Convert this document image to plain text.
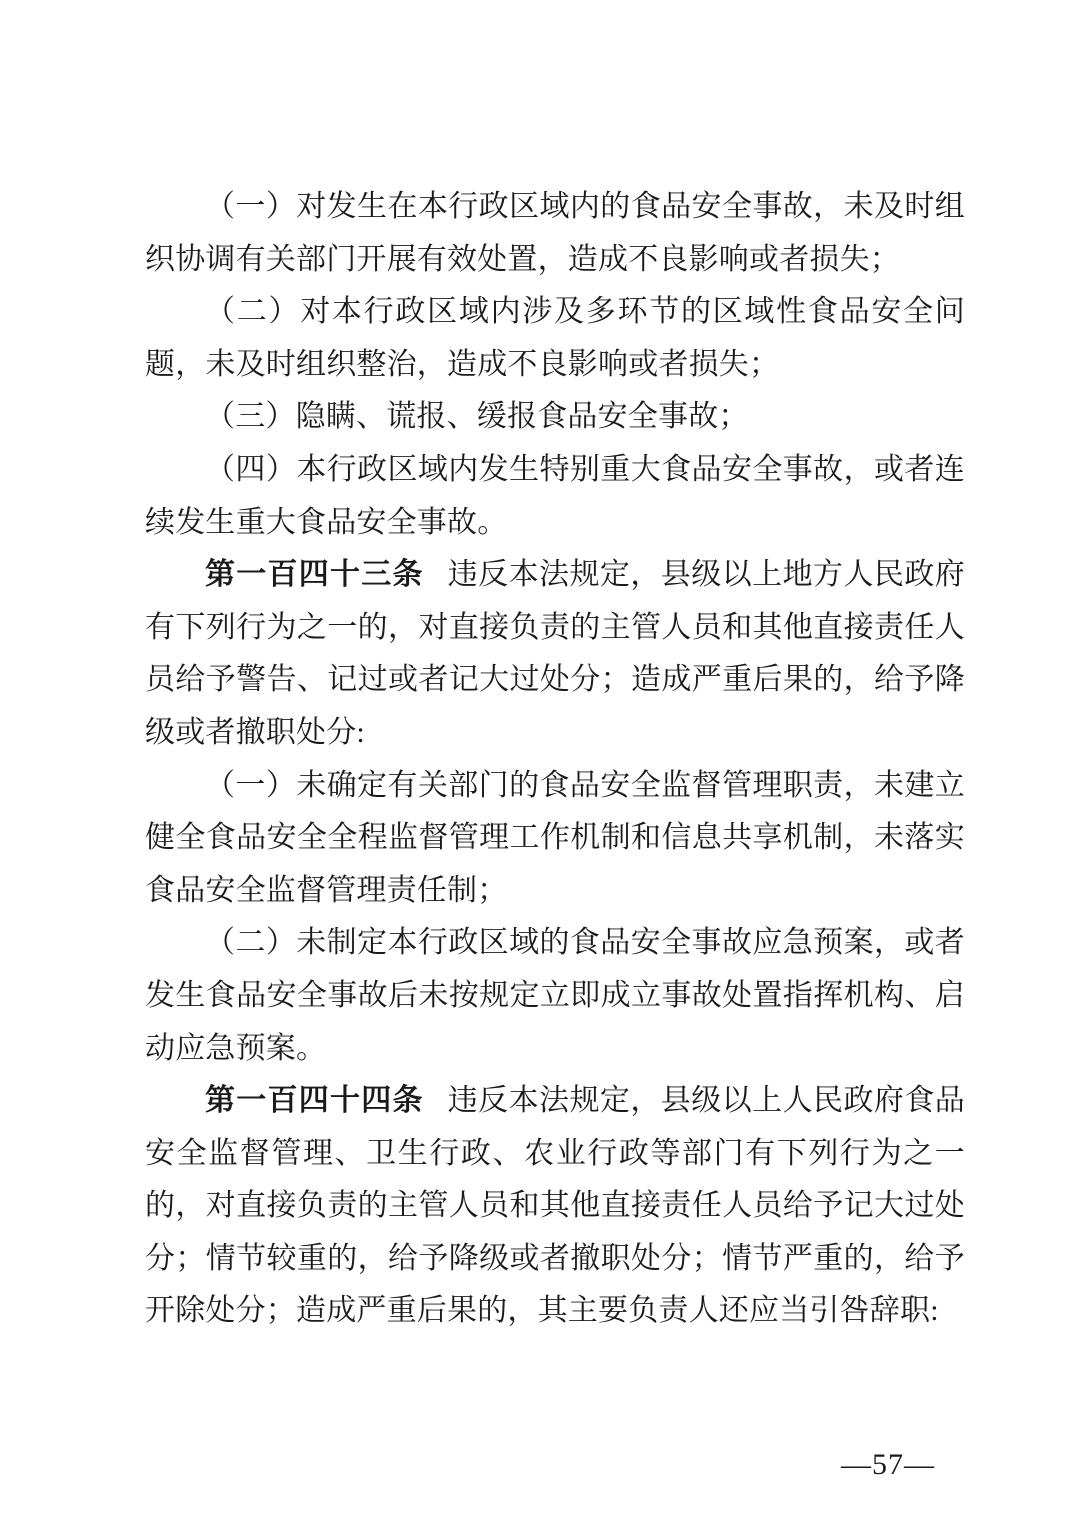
（一）对发生在本行政区域内的食品安全事故，未及时组织协调有关部门开展有效处置，造成不良影响或者损失；

（二）对本行政区域内涉及多环节的区域性食品安全问题，未及时组织整治，造成不良影响或者损失；

（三）隐瞒、谎报、缓报食品安全事故；

（四）本行政区域内发生特别重大食品安全事故，或者连续发生重大食品安全事故。

第一百四十三条 违反本法规定，县级以上地方人民政府有下列行为之一的，对直接负责的主管人员和其他直接责任人员给予警告、记过或者记大过处分；造成严重后果的，给予降级或者撤职处分:

（一）未确定有关部门的食品安全监督管理职责，未建立健全食品安全全程监督管理工作机制和信息共享机制，未落实食品安全监督管理责任制；

（二）未制定本行政区域的食品安全事故应急预案，或者发生食品安全事故后未按规定立即成立事故处置指挥机构、启动应急预案。

第一百四十四条 违反本法规定，县级以上人民政府食品安全监督管理、卫生行政、农业行政等部门有下列行为之一的，对直接负责的主管人员和其他直接责任人员给予记大过处分；情节较重的，给予降级或者撤职处分；情节严重的，给予开除处分；造成严重后果的，其主要负责人还应当引咎辞职:

—57—
